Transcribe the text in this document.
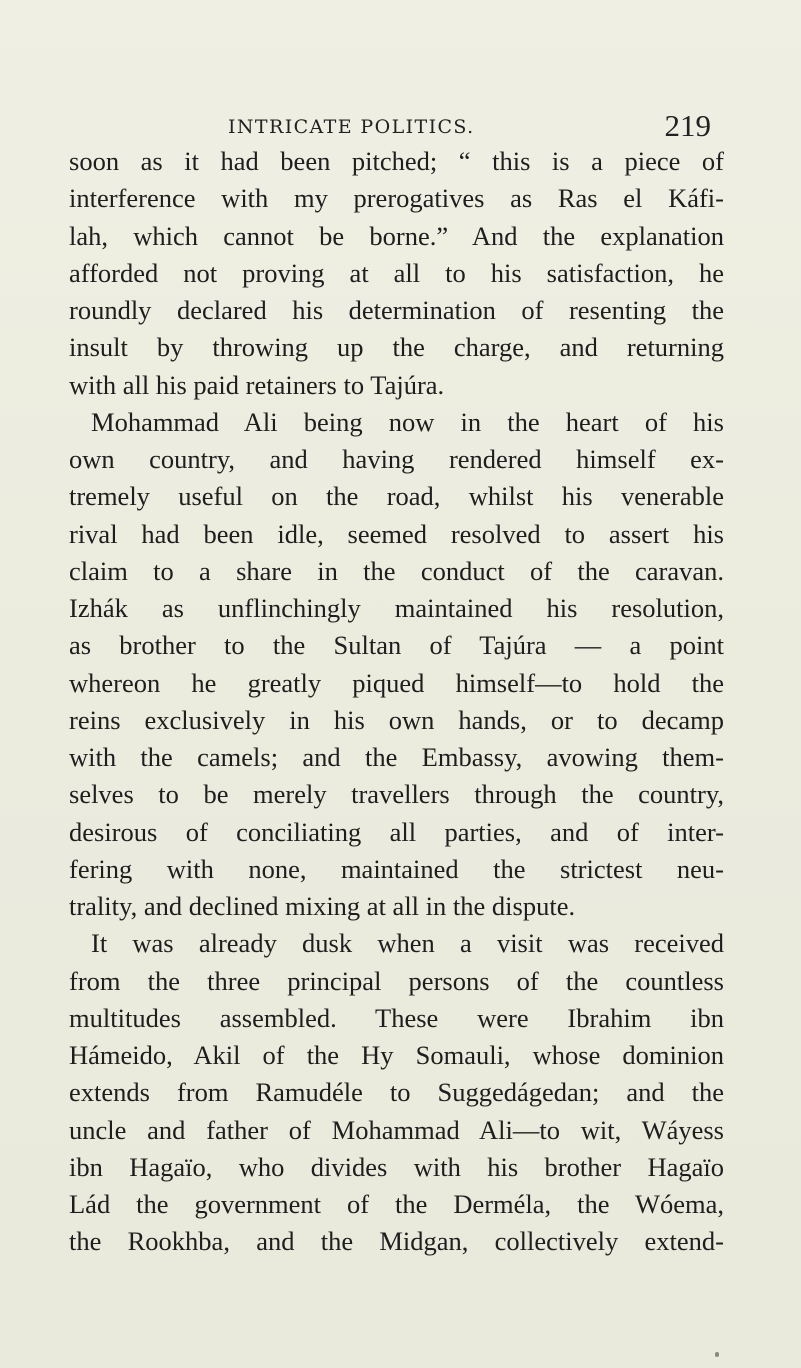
INTRICATE POLITICS.	219
soon as it had been pitched; “ this is a piece of
interference with my prerogatives as Ras el Káfi-
lah, which cannot be borne.” And the explanation
afforded not proving at all to his satisfaction, he
roundly declared his determination of resenting the
insult by throwing up the charge, and returning
with all his paid retainers to Tajúra.
Mohammad Ali being now in the heart of his
own country, and having rendered himself ex-
tremely useful on the road, whilst his venerable
rival had been idle, seemed resolved to assert his
claim to a share in the conduct of the caravan.
Izhák as unflinchingly maintained his resolution,
as brother to the Sultan of Tajúra — a point
whereon he greatly piqued himself—to hold the
reins exclusively in his own hands, or to decamp
with the camels; and the Embassy, avowing them-
selves to be merely travellers through the country,
desirous of conciliating all parties, and of inter-
fering with none, maintained the strictest neu-
trality, and declined mixing at all in the dispute.
It was already dusk when a visit was received
from the three principal persons of the countless
multitudes assembled. These were Ibrahim ibn
Hámeido, Akil of the Hy Somauli, whose dominion
extends from Ramudéle to Suggedágedan; and the
uncle and father of Mohammad Ali—to wit, Wáyess
ibn Hagaïo, who divides with his brother Hagaïo
Lád the government of the Derméla, the Wóema,
the Rookhba, and the Midgan, collectively extend-
